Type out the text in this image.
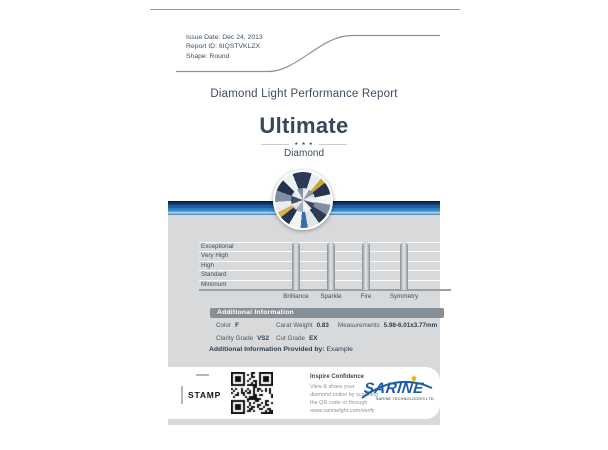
Issue Date: Dec 24, 2013
Report ID: 6IQSTVKLZX
Shape: Round
Diamond Light Performance Report
Ultimate
★ ★ ★
Diamond
Exceptional
Very High
High
Standard
Minimum
Brilliance Sparkle	Fire	Symmetry
Additional Information
Color F	Carat Weight 0.83 Measurements 5.98-6.01x3.77mm
Clarity Grade VS2 Cut Grade EX
Additional Information Provided by: Example
STAMP
Inspire Confidence
View & share your
diamond online by scanning
the QR code or through
www.sarinelight.com/verify
SARINE
SARINE TECHNOLOGIES LTD.
